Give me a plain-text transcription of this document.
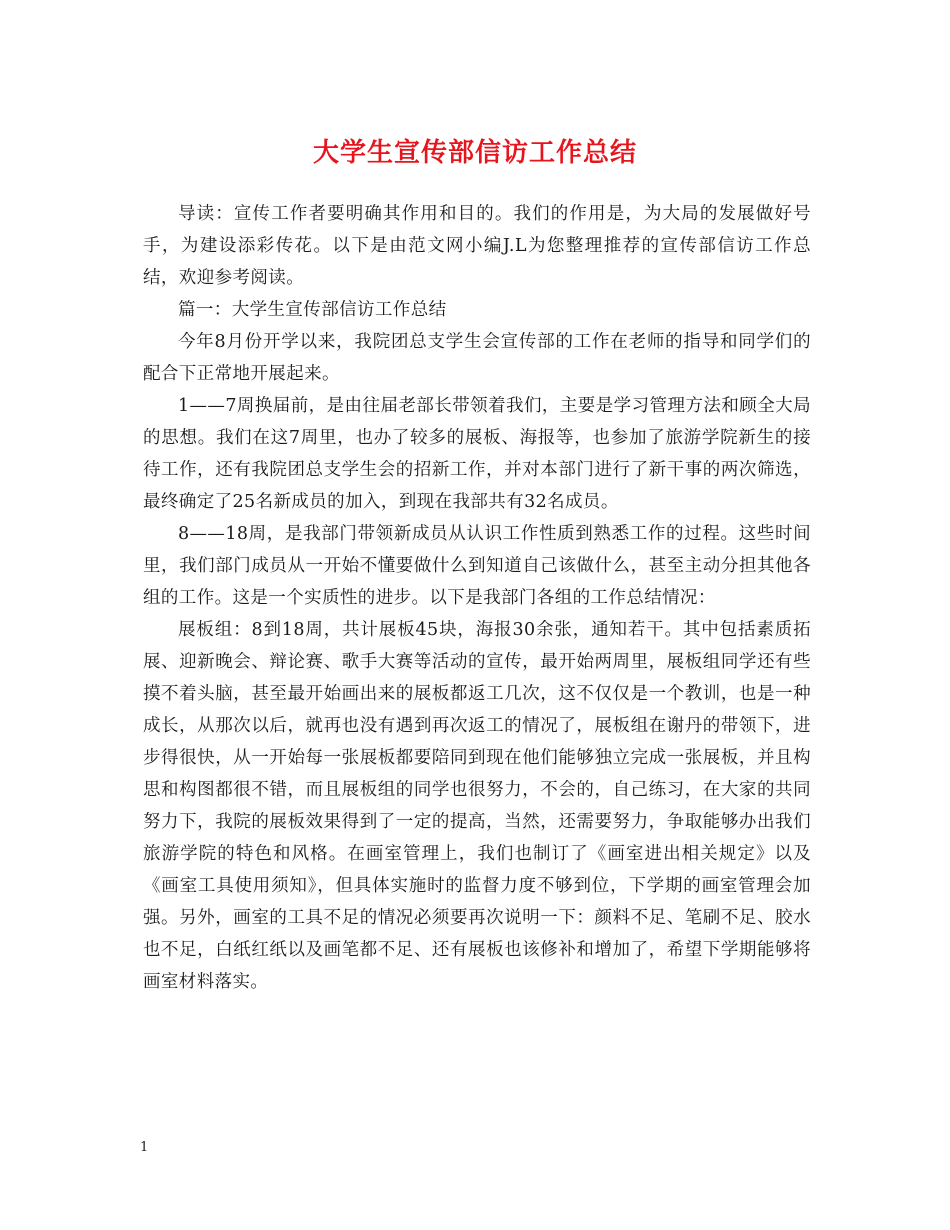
大学生宣传部信访工作总结

导读：宣传工作者要明确其作用和目的。我们的作用是，为大局的发展做好号手，为建设添彩传花。以下是由范文网小编J.L为您整理推荐的宣传部信访工作总结，欢迎参考阅读。

篇一：大学生宣传部信访工作总结

今年8月份开学以来，我院团总支学生会宣传部的工作在老师的指导和同学们的配合下正常地开展起来。

1——7周换届前，是由往届老部长带领着我们，主要是学习管理方法和顾全大局的思想。我们在这7周里，也办了较多的展板、海报等，也参加了旅游学院新生的接待工作，还有我院团总支学生会的招新工作，并对本部门进行了新干事的两次筛选，最终确定了25名新成员的加入，到现在我部共有32名成员。

8——18周，是我部门带领新成员从认识工作性质到熟悉工作的过程。这些时间里，我们部门成员从一开始不懂要做什么到知道自己该做什么，甚至主动分担其他各组的工作。这是一个实质性的进步。以下是我部门各组的工作总结情况：

展板组：8到18周，共计展板45块，海报30余张，通知若干。其中包括素质拓展、迎新晚会、辩论赛、歌手大赛等活动的宣传，最开始两周里，展板组同学还有些摸不着头脑，甚至最开始画出来的展板都返工几次，这不仅仅是一个教训，也是一种成长，从那次以后，就再也没有遇到再次返工的情况了，展板组在谢丹的带领下，进步得很快，从一开始每一张展板都要陪同到现在他们能够独立完成一张展板，并且构思和构图都很不错，而且展板组的同学也很努力，不会的，自己练习，在大家的共同努力下，我院的展板效果得到了一定的提高，当然，还需要努力，争取能够办出我们旅游学院的特色和风格。在画室管理上，我们也制订了《画室进出相关规定》以及《画室工具使用须知》，但具体实施时的监督力度不够到位，下学期的画室管理会加强。另外，画室的工具不足的情况必须要再次说明一下：颜料不足、笔刷不足、胶水也不足，白纸红纸以及画笔都不足、还有展板也该修补和增加了，希望下学期能够将画室材料落实。

1
